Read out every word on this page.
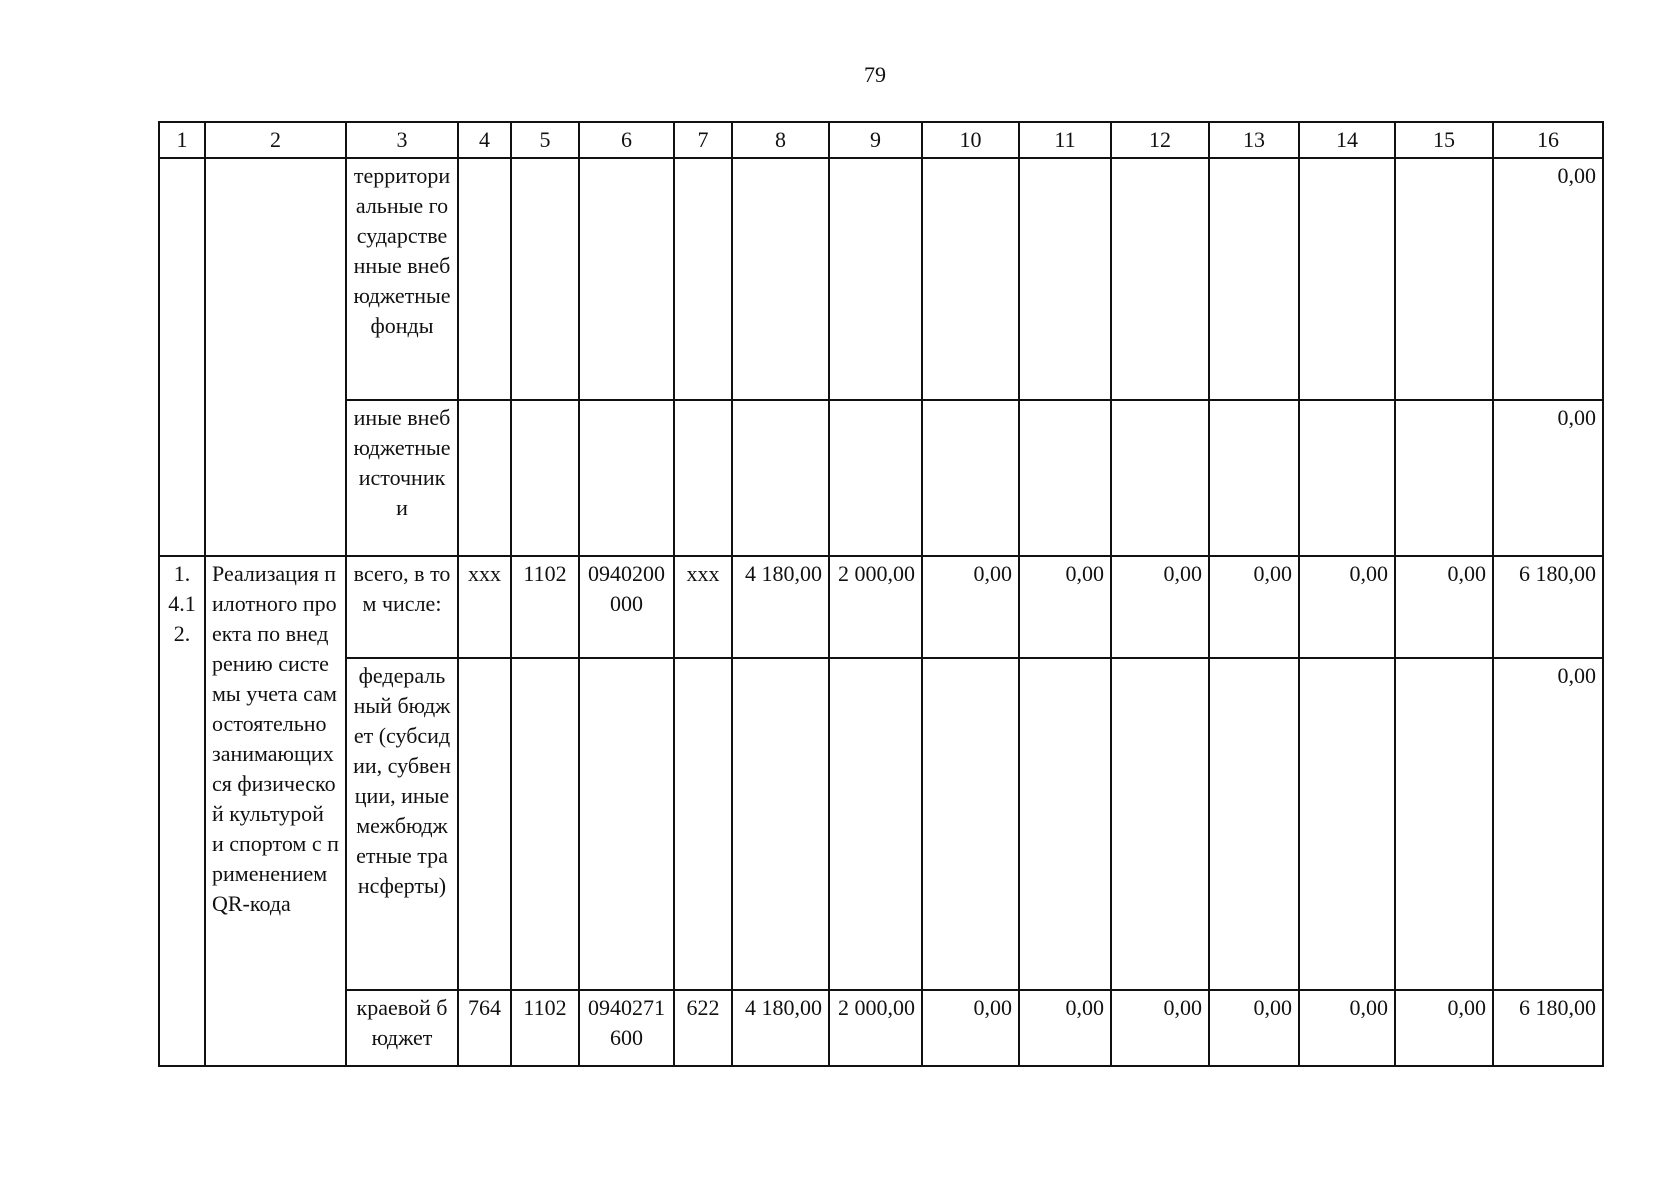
79
1	2	3	4	5	6	7	8	9	10	11	12	13	14	15	16
		территориальные государственные внебюджетные фонды													0,00
		иные внебюджетные источники													0,00
1.4.12.	Реализация пилотного проекта по внедрению системы учета самостоятельно занимающихся физической культурой и спортом с применением QR-кода	всего, в том числе:	ххх	1102	0940200000	ххх	4 180,00	2 000,00	0,00	0,00	0,00	0,00	0,00	0,00	6 180,00
		федеральный бюджет (субсидии, субвенции, иные межбюджетные трансферты)													0,00
		краевой бюджет	764	1102	0940271600	622	4 180,00	2 000,00	0,00	0,00	0,00	0,00	0,00	0,00	6 180,00
